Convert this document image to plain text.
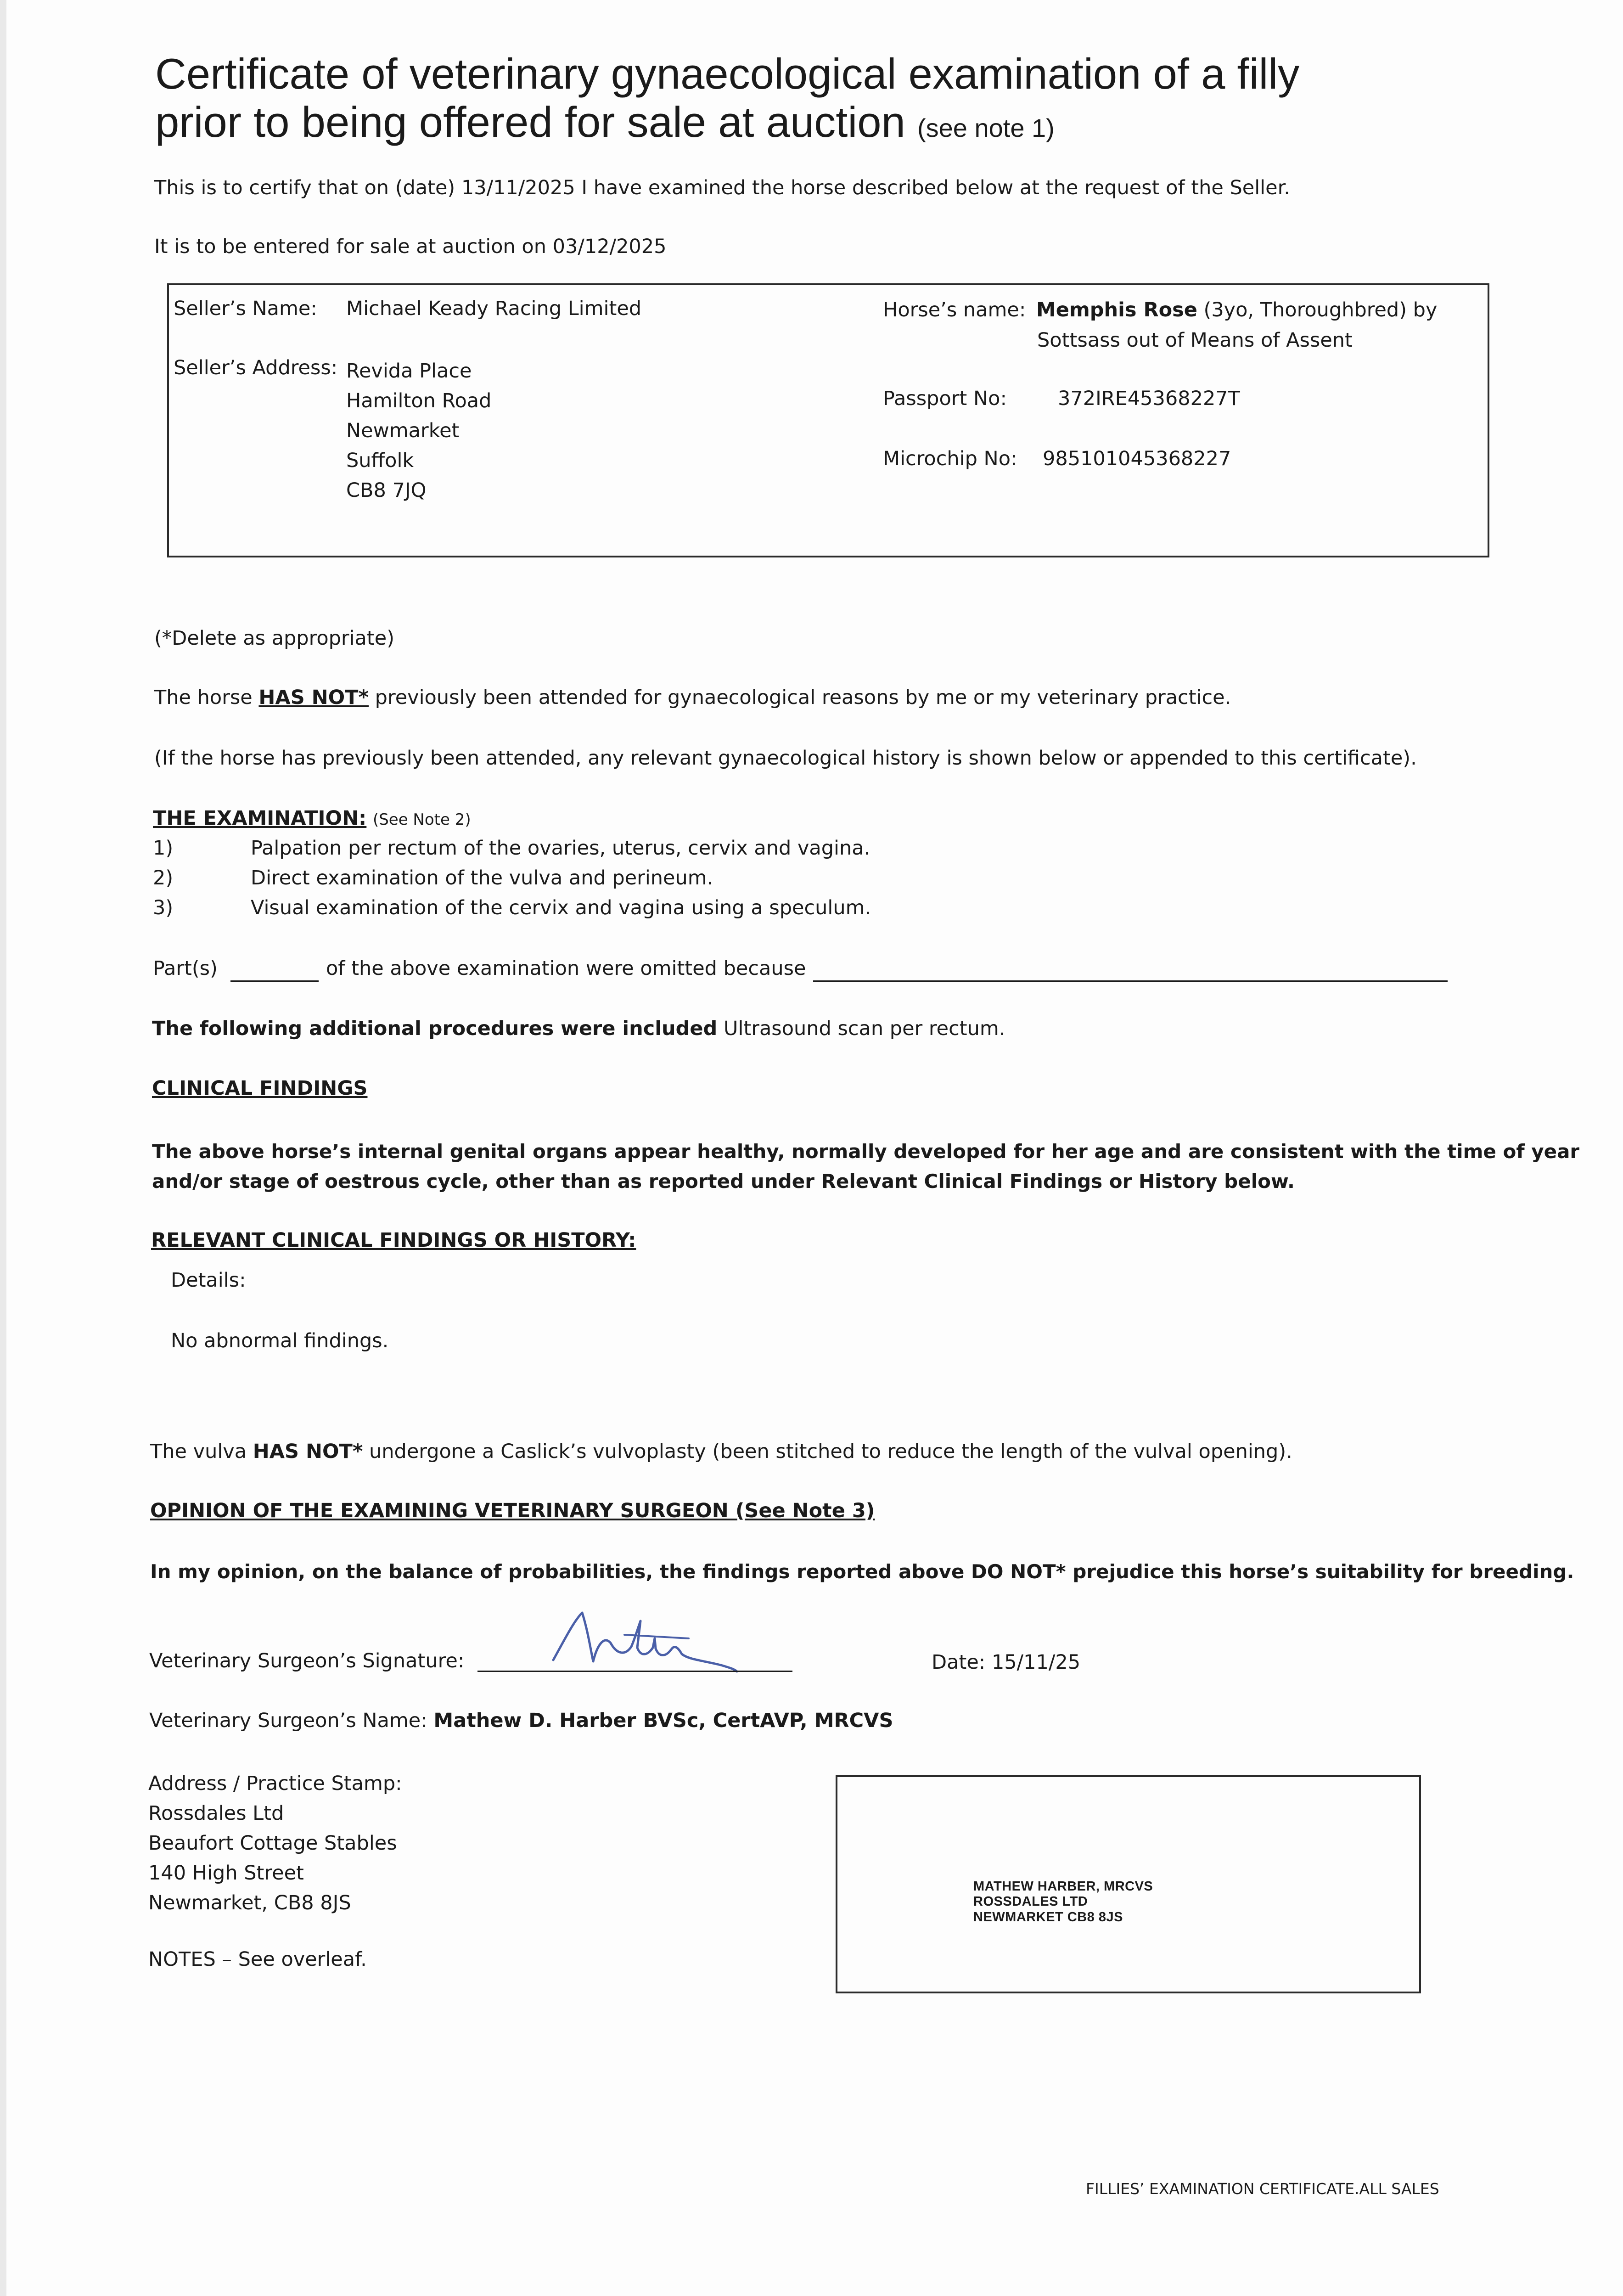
Certificate of veterinary gynaecological examination of a filly
prior to being offered for sale at auction (see note 1)
This is to certify that on (date) 13/11/2025 I have examined the horse described below at the request of the Seller.
It is to be entered for sale at auction on 03/12/2025
Seller’s Name: Michael Keady Racing Limited
Seller’s Address: Revida Place
Hamilton Road
Newmarket
Suffolk
CB8 7JQ
Horse’s name: Memphis Rose (3yo, Thoroughbred) by
Sottsass out of Means of Assent
Passport No:	372IRE45368227T
Microchip No: 985101045368227
(*Delete as appropriate)
The horse HAS NOT* previously been attended for gynaecological reasons by me or my veterinary practice.
(If the horse has previously been attended, any relevant gynaecological history is shown below or appended to this certificate).
THE EXAMINATION: (See Note 2)
1)	Palpation per rectum of the ovaries, uterus, cervix and vagina.
2)	Direct examination of the vulva and perineum.
3)	Visual examination of the cervix and vagina using a speculum.
Part(s)	of the above examination were omitted because
The following additional procedures were included Ultrasound scan per rectum.
CLINICAL FINDINGS
The above horse’s internal genital organs appear healthy, normally developed for her age and are consistent with the time of year
and/or stage of oestrous cycle, other than as reported under Relevant Clinical Findings or History below.
RELEVANT CLINICAL FINDINGS OR HISTORY:
Details:
No abnormal findings.
The vulva HAS NOT* undergone a Caslick’s vulvoplasty (been stitched to reduce the length of the vulval opening).
OPINION OF THE EXAMINING VETERINARY SURGEON (See Note 3)
In my opinion, on the balance of probabilities, the findings reported above DO NOT* prejudice this horse’s suitability for breeding.
Veterinary Surgeon’s Signature:	Date: 15/11/25
Veterinary Surgeon’s Name: Mathew D. Harber BVSc, CertAVP, MRCVS
Address / Practice Stamp:
Rossdales Ltd
Beaufort Cottage Stables
140 High Street
Newmarket, CB8 8JS
MATHEW HARBER, MRCVS
ROSSDALES LTD
NEWMARKET CB8 8JS
NOTES – See overleaf.
FILLIES’ EXAMINATION CERTIFICATE.ALL SALES
